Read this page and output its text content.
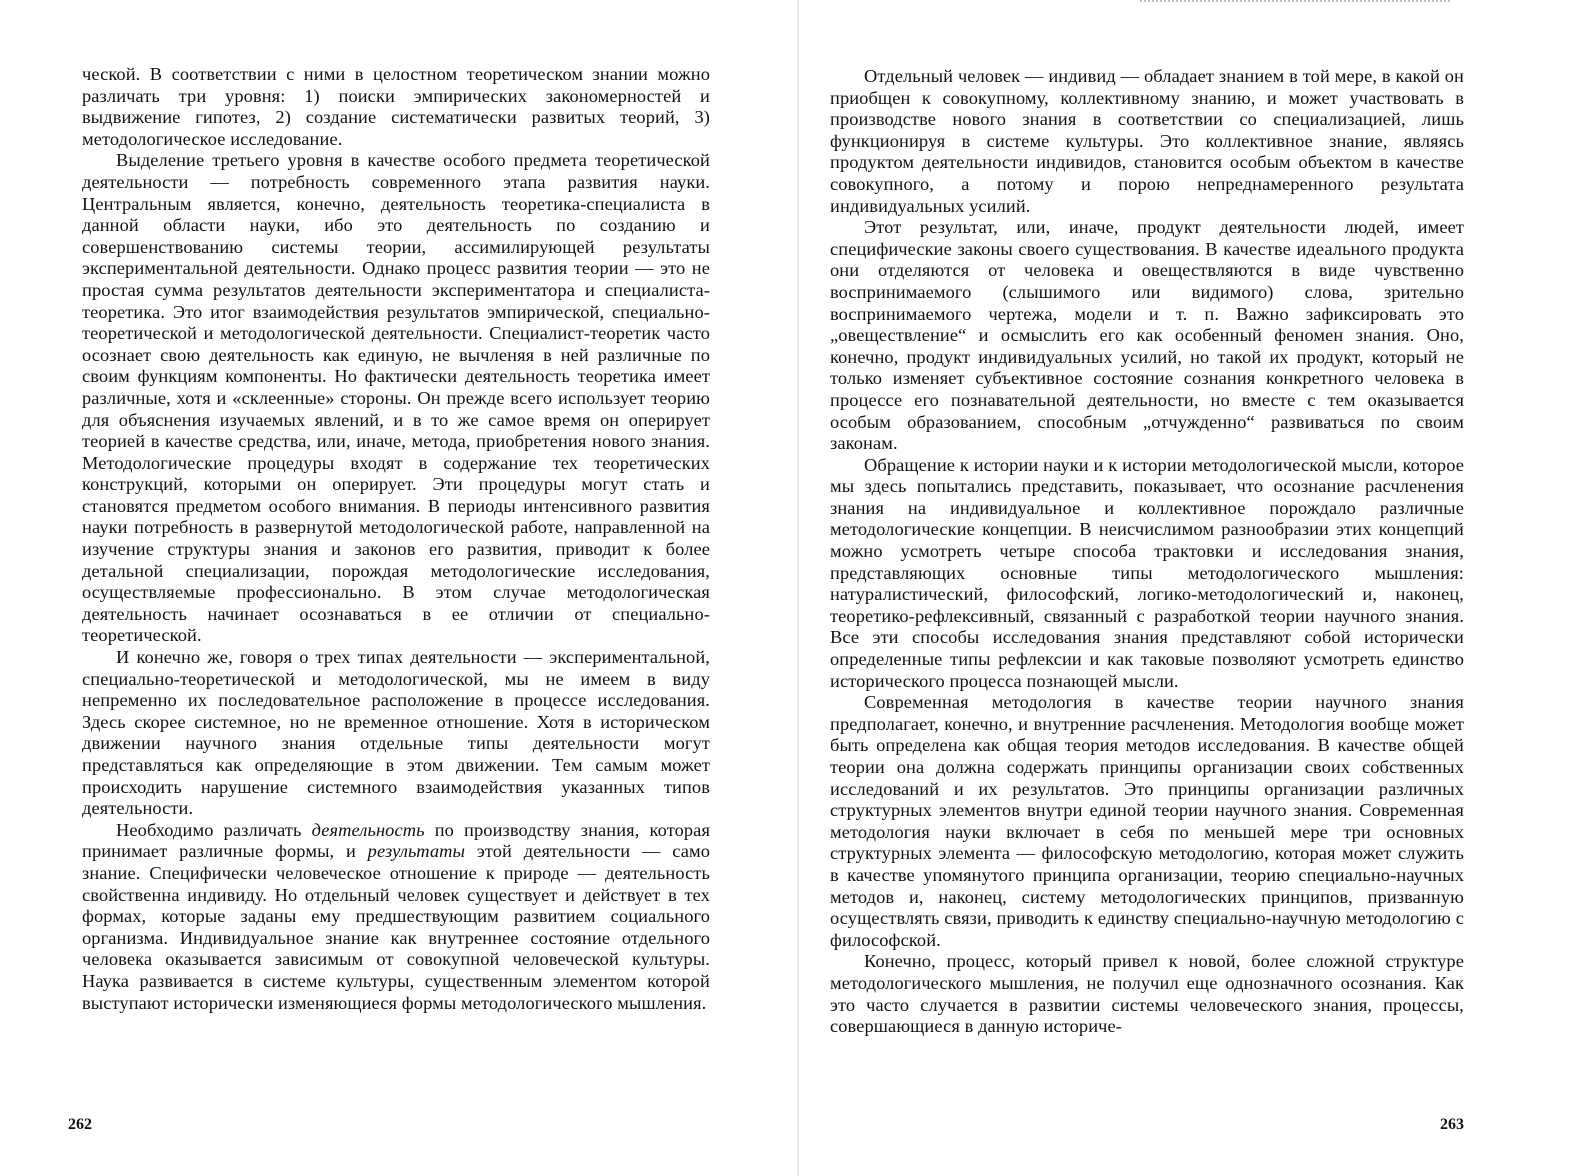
ческой. В соответствии с ними в целостном теоретическом знании можно различать три уровня: 1) поиски эмпирических закономерностей и выдвижение гипотез, 2) создание систематически развитых теорий, 3) методологическое исследование.

Выделение третьего уровня в качестве особого предмета теоретической деятельности — потребность современного этапа развития науки. Центральным является, конечно, деятельность теоретика-специалиста в данной области науки, ибо это деятельность по созданию и совершенствованию системы теории, ассимилирующей результаты экспериментальной деятельности. Однако процесс развития теории — это не простая сумма результатов деятельности экспериментатора и специалиста-теоретика. Это итог взаимодействия результатов эмпирической, специально-теоретической и методологической деятельности. Специалист-теоретик часто осознает свою деятельность как единую, не вычленяя в ней различные по своим функциям компоненты. Но фактически деятельность теоретика имеет различные, хотя и «склеенные» стороны. Он прежде всего использует теорию для объяснения изучаемых явлений, и в то же самое время он оперирует теорией в качестве средства, или, иначе, метода, приобретения нового знания. Методологические процедуры входят в содержание тех теоретических конструкций, которыми он оперирует. Эти процедуры могут стать и становятся предметом особого внимания. В периоды интенсивного развития науки потребность в развернутой методологической работе, направленной на изучение структуры знания и законов его развития, приводит к более детальной специализации, порождая методологические исследования, осуществляемые профессионально. В этом случае методологическая деятельность начинает осознаваться в ее отличии от специально-теоретической.

И конечно же, говоря о трех типах деятельности — экспериментальной, специально-теоретической и методологической, мы не имеем в виду непременно их последовательное расположение в процессе исследования. Здесь скорее системное, но не временное отношение. Хотя в историческом движении научного знания отдельные типы деятельности могут представляться как определяющие в этом движении. Тем самым может происходить нарушение системного взаимодействия указанных типов деятельности.

Необходимо различать деятельность по производству знания, которая принимает различные формы, и результаты этой деятельности — само знание. Специфически человеческое отношение к природе — деятельность свойственна индивиду. Но отдельный человек существует и действует в тех формах, которые заданы ему предшествующим развитием социального организма. Индивидуальное знание как внутреннее состояние отдельного человека оказывается зависимым от совокупной человеческой культуры. Наука развивается в системе культуры, существенным элементом которой выступают исторически изменяющиеся формы методологического мышления.

262

Отдельный человек — индивид — обладает знанием в той мере, в какой он приобщен к совокупному, коллективному знанию, и может участвовать в производстве нового знания в соответствии со специализацией, лишь функционируя в системе культуры. Это коллективное знание, являясь продуктом деятельности индивидов, становится особым объектом в качестве совокупного, а потому и порою непреднамеренного результата индивидуальных усилий.

Этот результат, или, иначе, продукт деятельности людей, имеет специфические законы своего существования. В качестве идеального продукта они отделяются от человека и овеществляются в виде чувственно воспринимаемого (слышимого или видимого) слова, зрительно воспринимаемого чертежа, модели и т. п. Важно зафиксировать это „овеществление“ и осмыслить его как особенный феномен знания. Оно, конечно, продукт индивидуальных усилий, но такой их продукт, который не только изменяет субъективное состояние сознания конкретного человека в процессе его познавательной деятельности, но вместе с тем оказывается особым образованием, способным „отчужденно“ развиваться по своим законам.

Обращение к истории науки и к истории методологической мысли, которое мы здесь попытались представить, показывает, что осознание расчленения знания на индивидуальное и коллективное порождало различные методологические концепции. В неисчислимом разнообразии этих концепций можно усмотреть четыре способа трактовки и исследования знания, представляющих основные типы методологического мышления: натуралистический, философский, логико-методологический и, наконец, теоретико-рефлексивный, связанный с разработкой теории научного знания. Все эти способы исследования знания представляют собой исторически определенные типы рефлексии и как таковые позволяют усмотреть единство исторического процесса познающей мысли.

Современная методология в качестве теории научного знания предполагает, конечно, и внутренние расчленения. Методология вообще может быть определена как общая теория методов исследования. В качестве общей теории она должна содержать принципы организации своих собственных исследований и их результатов. Это принципы организации различных структурных элементов внутри единой теории научного знания. Современная методология науки включает в себя по меньшей мере три основных структурных элемента — философскую методологию, которая может служить в качестве упомянутого принципа организации, теорию специально-научных методов и, наконец, систему методологических принципов, призванную осуществлять связи, приводить к единству специально-научную методологию с философской.

Конечно, процесс, который привел к новой, более сложной структуре методологического мышления, не получил еще однозначного осознания. Как это часто случается в развитии системы человеческого знания, процессы, совершающиеся в данную историче-

263
